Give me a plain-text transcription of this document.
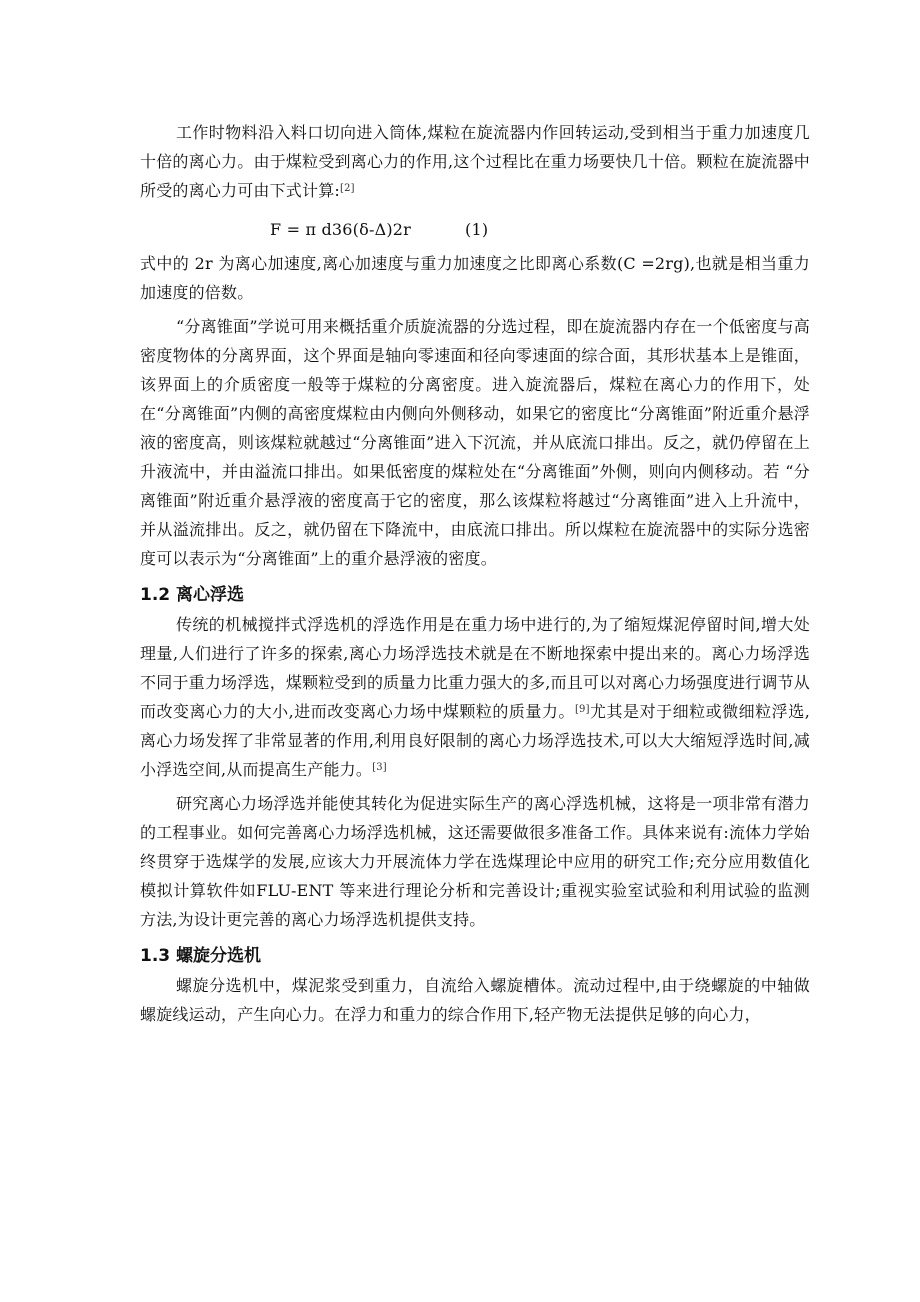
工作时物料沿入料口切向进入筒体,煤粒在旋流器内作回转运动,受到相当于重力加速度几十倍的离心力。由于煤粒受到离心力的作用,这个过程比在重力场要快几十倍。颗粒在旋流器中所受的离心力可由下式计算:[2]

F = π d36(δ-Δ)2r	(1)

式中的 2r 为离心加速度,离心加速度与重力加速度之比即离心系数(C =2rg),也就是相当重力加速度的倍数。

“分离锥面”学说可用来概括重介质旋流器的分选过程，即在旋流器内存在一个低密度与高密度物体的分离界面，这个界面是轴向零速面和径向零速面的综合面，其形状基本上是锥面，该界面上的介质密度一般等于煤粒的分离密度。进入旋流器后，煤粒在离心力的作用下，处在“分离锥面”内侧的高密度煤粒由内侧向外侧移动，如果它的密度比“分离锥面”附近重介悬浮液的密度高，则该煤粒就越过“分离锥面”进入下沉流，并从底流口排出。反之，就仍停留在上升液流中，并由溢流口排出。如果低密度的煤粒处在“分离锥面”外侧，则向内侧移动。若 “分离锥面”附近重介悬浮液的密度高于它的密度，那么该煤粒将越过“分离锥面”进入上升流中，并从溢流排出。反之，就仍留在下降流中，由底流口排出。所以煤粒在旋流器中的实际分选密度可以表示为“分离锥面”上的重介悬浮液的密度。

1.2 离心浮选

传统的机械搅拌式浮选机的浮选作用是在重力场中进行的,为了缩短煤泥停留时间,增大处理量,人们进行了许多的探索,离心力场浮选技术就是在不断地探索中提出来的。离心力场浮选不同于重力场浮选，煤颗粒受到的质量力比重力强大的多,而且可以对离心力场强度进行调节从而改变离心力的大小,进而改变离心力场中煤颗粒的质量力。[9]尤其是对于细粒或微细粒浮选,离心力场发挥了非常显著的作用,利用良好限制的离心力场浮选技术,可以大大缩短浮选时间,减小浮选空间,从而提高生产能力。[3]

研究离心力场浮选并能使其转化为促进实际生产的离心浮选机械，这将是一项非常有潜力的工程事业。如何完善离心力场浮选机械，这还需要做很多准备工作。具体来说有:流体力学始终贯穿于选煤学的发展,应该大力开展流体力学在选煤理论中应用的研究工作;充分应用数值化模拟计算软件如FLU-ENT 等来进行理论分析和完善设计;重视实验室试验和利用试验的监测方法,为设计更完善的离心力场浮选机提供支持。

1.3 螺旋分选机

螺旋分选机中，煤泥浆受到重力，自流给入螺旋槽体。流动过程中,由于绕螺旋的中轴做螺旋线运动，产生向心力。在浮力和重力的综合作用下,轻产物无法提供足够的向心力，
